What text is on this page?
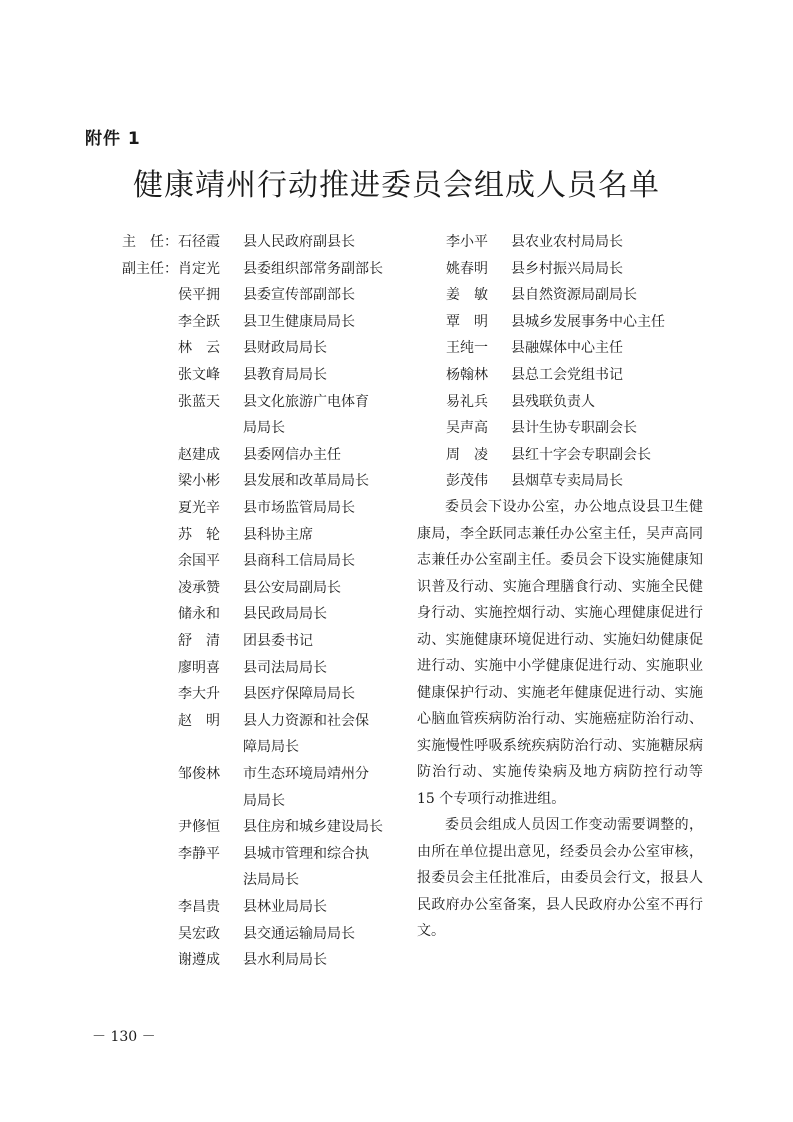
附件 1
健康靖州行动推进委员会组成人员名单
主　任： 石径霞 县人民政府副县长
副主任： 肖定光 县委组织部常务副部长
侯平拥 县委宣传部副部长
李全跃 县卫生健康局局长
林　云 县财政局局长
张文峰 县教育局局长
张蓝天 县文化旅游广电体育
局局长
赵建成 县委网信办主任
梁小彬 县发展和改革局局长
夏光辛 县市场监管局局长
苏　轮 县科协主席
余国平 县商科工信局局长
凌承赞 县公安局副局长
储永和 县民政局局长
舒　清 团县委书记
廖明喜 县司法局局长
李大升 县医疗保障局局长
赵　明 县人力资源和社会保
障局局长
邹俊林 市生态环境局靖州分
局局长
尹修恒 县住房和城乡建设局长
李静平 县城市管理和综合执
法局局长
李昌贵 县林业局局长
吴宏政 县交通运输局局长
谢遵成 县水利局局长
李小平 县农业农村局局长
姚春明 县乡村振兴局局长
姜　敏 县自然资源局副局长
覃　明 县城乡发展事务中心主任
王纯一 县融媒体中心主任
杨翰林 县总工会党组书记
易礼兵 县残联负责人
吴声高 县计生协专职副会长
周　凌 县红十字会专职副会长
彭茂伟 县烟草专卖局局长

委员会下设办公室，办公地点设县卫生健康局，李全跃同志兼任办公室主任，吴声高同志兼任办公室副主任。委员会下设实施健康知识普及行动、实施合理膳食行动、实施全民健身行动、实施控烟行动、实施心理健康促进行动、实施健康环境促进行动、实施妇幼健康促进行动、实施中小学健康促进行动、实施职业健康保护行动、实施老年健康促进行动、实施心脑血管疾病防治行动、实施癌症防治行动、实施慢性呼吸系统疾病防治行动、实施糖尿病防治行动、实施传染病及地方病防控行动等 15 个专项行动推进组。

委员会组成人员因工作变动需要调整的，由所在单位提出意见，经委员会办公室审核，报委员会主任批准后，由委员会行文，报县人民政府办公室备案，县人民政府办公室不再行文。

－ 130 －
